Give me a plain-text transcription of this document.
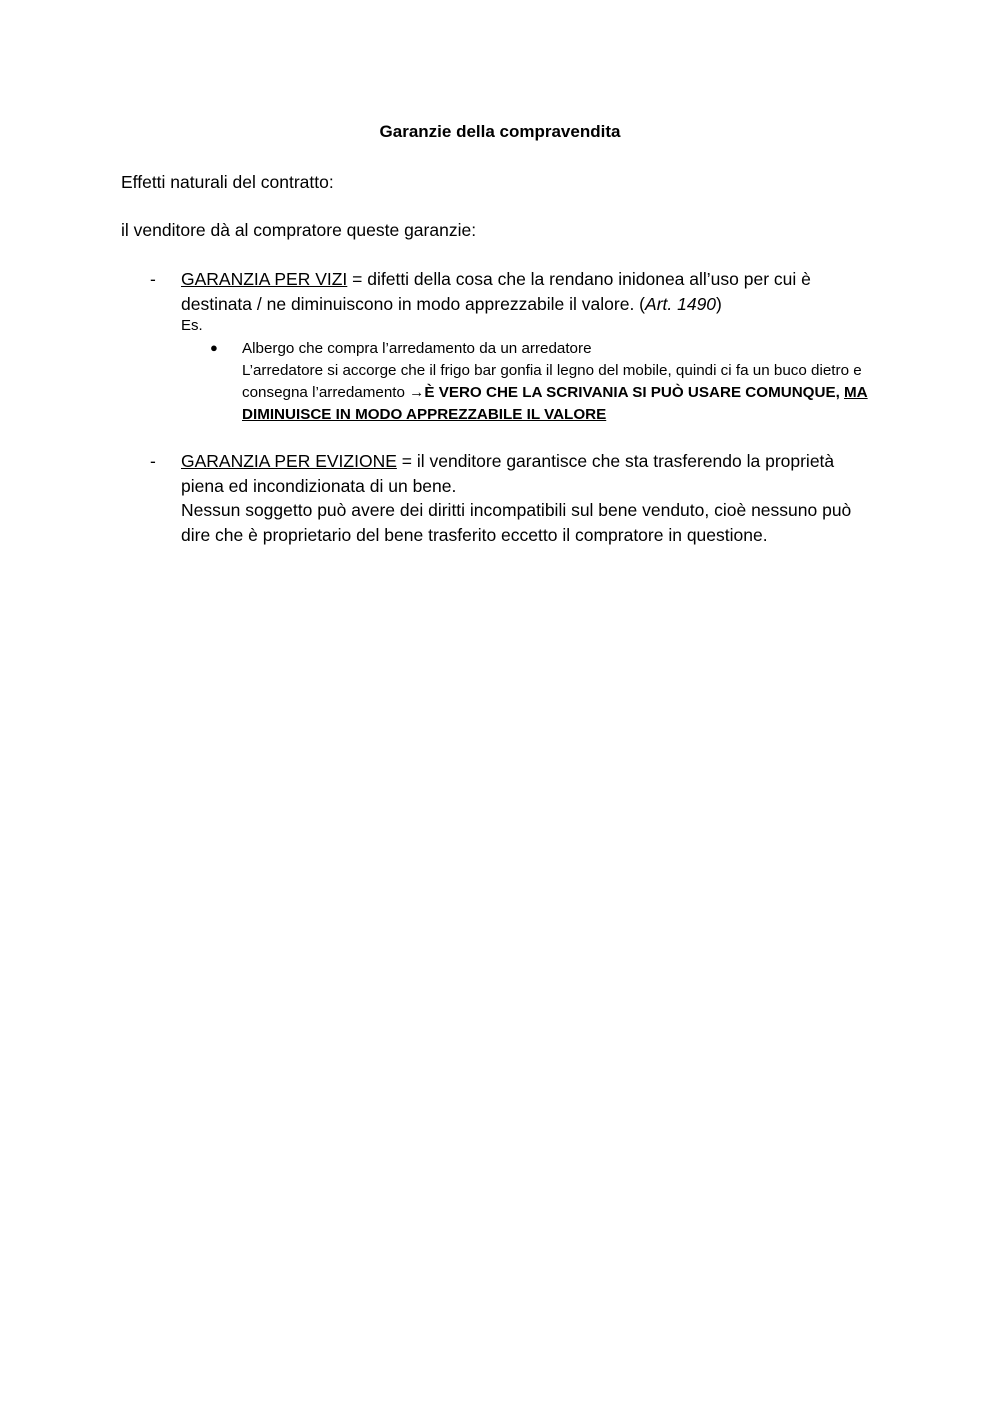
Garanzie della compravendita
Effetti naturali del contratto:
il venditore dà al compratore queste garanzie:
- GARANZIA PER VIZI = difetti della cosa che la rendano inidonea all’uso per cui è destinata / ne diminuiscono in modo apprezzabile il valore. (Art. 1490)
Es.
● Albergo che compra l’arredamento da un arredatore
L’arredatore si accorge che il frigo bar gonfia il legno del mobile, quindi ci fa un buco dietro e consegna l’arredamento →È VERO CHE LA SCRIVANIA SI PUÒ USARE COMUNQUE, MA DIMINUISCE IN MODO APPREZZABILE IL VALORE
- GARANZIA PER EVIZIONE = il venditore garantisce che sta trasferendo la proprietà piena ed incondizionata di un bene.
Nessun soggetto può avere dei diritti incompatibili sul bene venduto, cioè nessuno può dire che è proprietario del bene trasferito eccetto il compratore in questione.
